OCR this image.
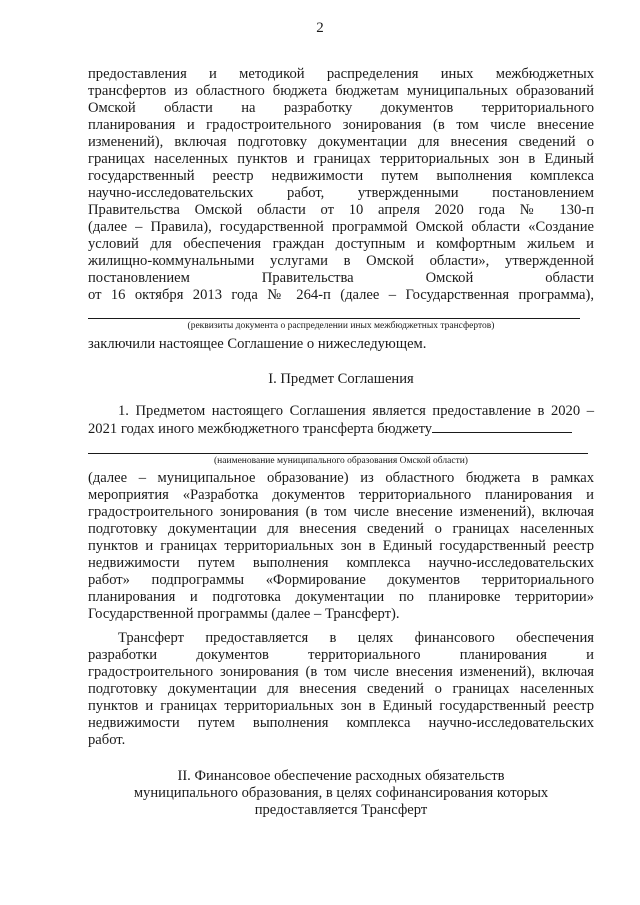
2
предоставления и методикой распределения иных межбюджетных
трансфертов из областного бюджета бюджетам муниципальных образований
Омской области на разработку документов территориального
планирования и градостроительного зонирования (в том числе внесение
изменений), включая подготовку документации для внесения сведений о
границах населенных пунктов и границах территориальных зон в Единый
государственный реестр недвижимости путем выполнения комплекса
научно-исследовательских работ, утвержденными постановлением
Правительства Омской области от 10 апреля 2020 года № 130-п
(далее – Правила), государственной программой Омской области «Создание
условий для обеспечения граждан доступным и комфортным жильем и
жилищно-коммунальными услугами в Омской области», утвержденной
постановлением Правительства Омской области
от 16 октября 2013 года № 264-п (далее – Государственная программа),
(реквизиты документа о распределении иных межбюджетных трансфертов)
заключили настоящее Соглашение о нижеследующем.
I. Предмет Соглашения
1. Предметом настоящего Соглашения является предоставление в 2020 –
2021 годах иного межбюджетного трансферта бюджету
(наименование муниципального образования Омской области)
(далее – муниципальное образование) из областного бюджета в рамках
мероприятия «Разработка документов территориального планирования и
градостроительного зонирования (в том числе внесение изменений), включая
подготовку документации для внесения сведений о границах населенных
пунктов и границах территориальных зон в Единый государственный реестр
недвижимости путем выполнения комплекса научно-исследовательских
работ» подпрограммы «Формирование документов территориального
планирования и подготовка документации по планировке территории»
Государственной программы (далее – Трансферт).
Трансферт предоставляется в целях финансового обеспечения
разработки документов территориального планирования и
градостроительного зонирования (в том числе внесения изменений), включая
подготовку документации для внесения сведений о границах населенных
пунктов и границах территориальных зон в Единый государственный реестр
недвижимости путем выполнения комплекса научно-исследовательских
работ.
II. Финансовое обеспечение расходных обязательств
муниципального образования, в целях софинансирования которых
предоставляется Трансферт
